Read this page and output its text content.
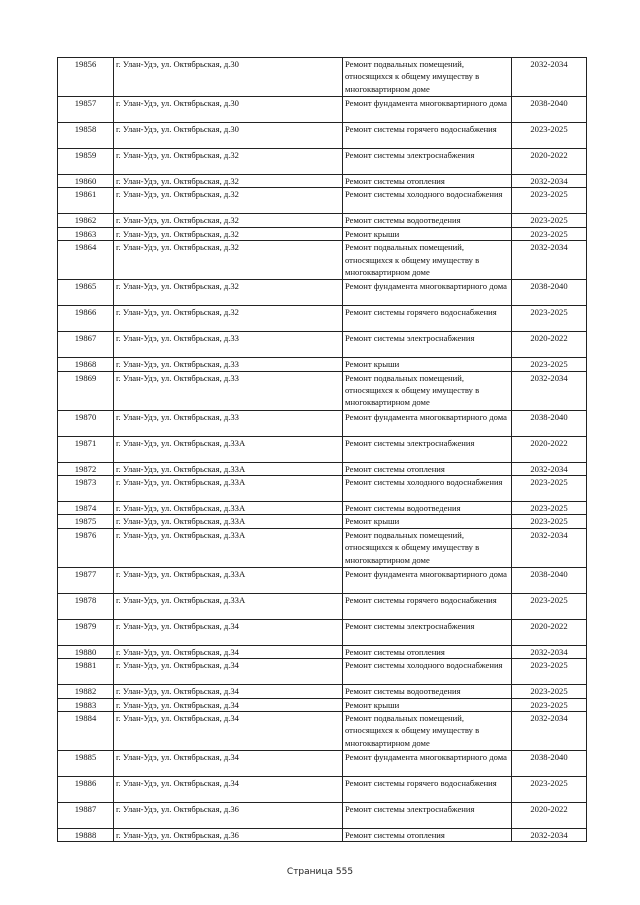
19856	г. Улан-Удэ, ул. Октябрьская, д.30	Ремонт подвальных помещений, относящихся к общему имуществу в многоквартирном доме	2032-2034
19857	г. Улан-Удэ, ул. Октябрьская, д.30	Ремонт фундамента многоквартирного дома	2038-2040
19858	г. Улан-Удэ, ул. Октябрьская, д.30	Ремонт системы горячего водоснабжения	2023-2025
19859	г. Улан-Удэ, ул. Октябрьская, д.32	Ремонт системы электроснабжения	2020-2022
19860	г. Улан-Удэ, ул. Октябрьская, д.32	Ремонт системы отопления	2032-2034
19861	г. Улан-Удэ, ул. Октябрьская, д.32	Ремонт системы холодного водоснабжения	2023-2025
19862	г. Улан-Удэ, ул. Октябрьская, д.32	Ремонт системы водоотведения	2023-2025
19863	г. Улан-Удэ, ул. Октябрьская, д.32	Ремонт крыши	2023-2025
19864	г. Улан-Удэ, ул. Октябрьская, д.32	Ремонт подвальных помещений, относящихся к общему имуществу в многоквартирном доме	2032-2034
19865	г. Улан-Удэ, ул. Октябрьская, д.32	Ремонт фундамента многоквартирного дома	2038-2040
19866	г. Улан-Удэ, ул. Октябрьская, д.32	Ремонт системы горячего водоснабжения	2023-2025
19867	г. Улан-Удэ, ул. Октябрьская, д.33	Ремонт системы электроснабжения	2020-2022
19868	г. Улан-Удэ, ул. Октябрьская, д.33	Ремонт крыши	2023-2025
19869	г. Улан-Удэ, ул. Октябрьская, д.33	Ремонт подвальных помещений, относящихся к общему имуществу в многоквартирном доме	2032-2034
19870	г. Улан-Удэ, ул. Октябрьская, д.33	Ремонт фундамента многоквартирного дома	2038-2040
19871	г. Улан-Удэ, ул. Октябрьская, д.33А	Ремонт системы электроснабжения	2020-2022
19872	г. Улан-Удэ, ул. Октябрьская, д.33А	Ремонт системы отопления	2032-2034
19873	г. Улан-Удэ, ул. Октябрьская, д.33А	Ремонт системы холодного водоснабжения	2023-2025
19874	г. Улан-Удэ, ул. Октябрьская, д.33А	Ремонт системы водоотведения	2023-2025
19875	г. Улан-Удэ, ул. Октябрьская, д.33А	Ремонт крыши	2023-2025
19876	г. Улан-Удэ, ул. Октябрьская, д.33А	Ремонт подвальных помещений, относящихся к общему имуществу в многоквартирном доме	2032-2034
19877	г. Улан-Удэ, ул. Октябрьская, д.33А	Ремонт фундамента многоквартирного дома	2038-2040
19878	г. Улан-Удэ, ул. Октябрьская, д.33А	Ремонт системы горячего водоснабжения	2023-2025
19879	г. Улан-Удэ, ул. Октябрьская, д.34	Ремонт системы электроснабжения	2020-2022
19880	г. Улан-Удэ, ул. Октябрьская, д.34	Ремонт системы отопления	2032-2034
19881	г. Улан-Удэ, ул. Октябрьская, д.34	Ремонт системы холодного водоснабжения	2023-2025
19882	г. Улан-Удэ, ул. Октябрьская, д.34	Ремонт системы водоотведения	2023-2025
19883	г. Улан-Удэ, ул. Октябрьская, д.34	Ремонт крыши	2023-2025
19884	г. Улан-Удэ, ул. Октябрьская, д.34	Ремонт подвальных помещений, относящихся к общему имуществу в многоквартирном доме	2032-2034
19885	г. Улан-Удэ, ул. Октябрьская, д.34	Ремонт фундамента многоквартирного дома	2038-2040
19886	г. Улан-Удэ, ул. Октябрьская, д.34	Ремонт системы горячего водоснабжения	2023-2025
19887	г. Улан-Удэ, ул. Октябрьская, д.36	Ремонт системы электроснабжения	2020-2022
19888	г. Улан-Удэ, ул. Октябрьская, д.36	Ремонт системы отопления	2032-2034
Страница 555
